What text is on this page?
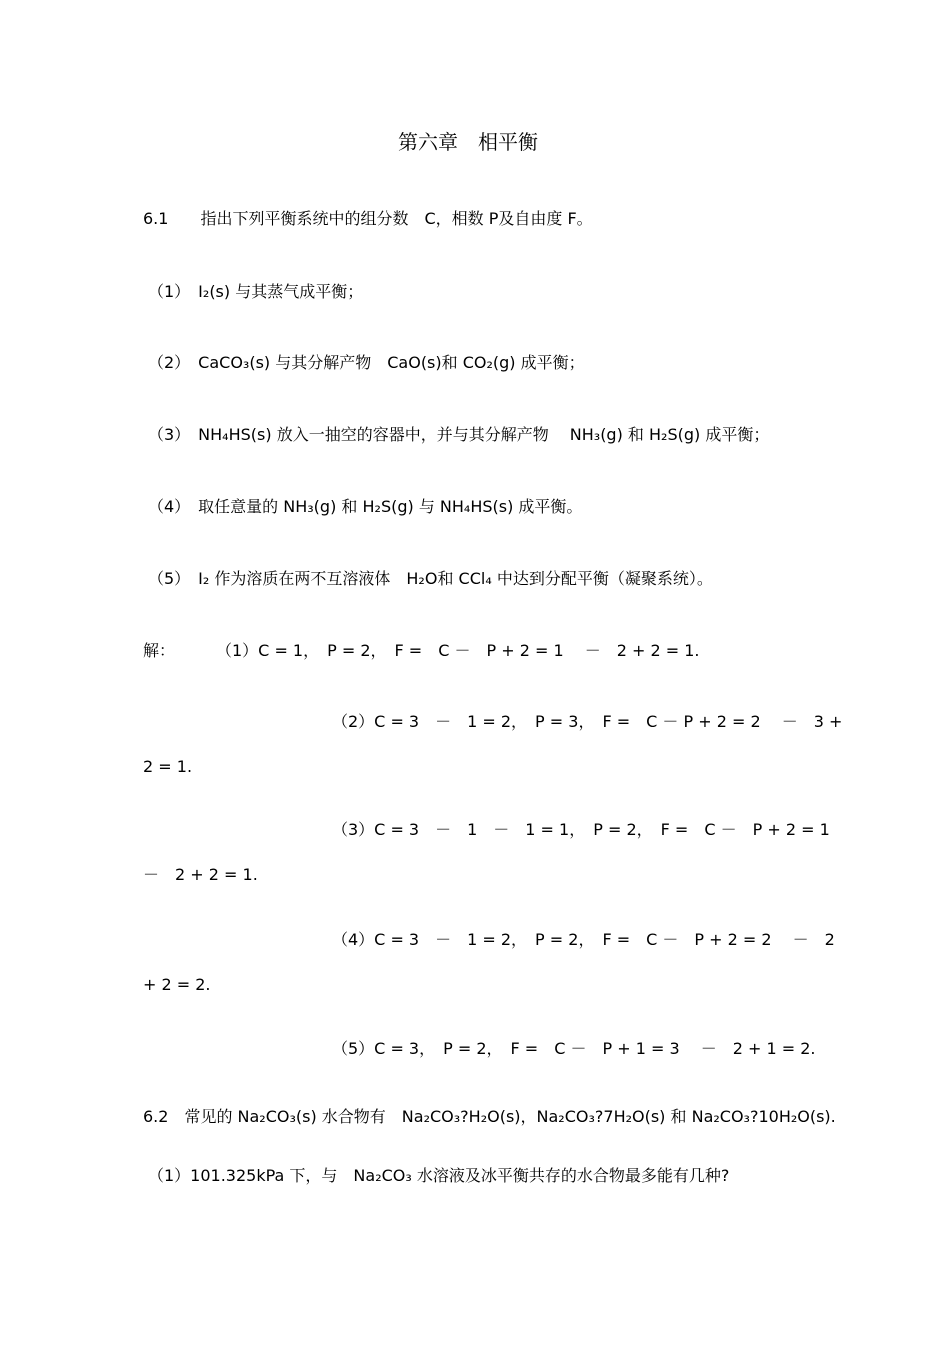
第六章　相平衡
6.1　　指出下列平衡系统中的组分数　C，相数 P及自由度 F。
（1）　I₂(s) 与其蒸气成平衡；
（2）　CaCO₃(s) 与其分解产物　CaO(s)和 CO₂(g) 成平衡；
（3）　NH₄HS(s) 放入一抽空的容器中，并与其分解产物　 NH₃(g) 和 H₂S(g) 成平衡；
（4）　取任意量的 NH₃(g) 和 H₂S(g) 与 NH₄HS(s) 成平衡。
（5）　I₂ 作为溶质在两不互溶液体　H₂O和 CCl₄ 中达到分配平衡（凝聚系统）。
解：	（1）C = 1，　P = 2，　F =　C －　P + 2 = 1　 －　2 + 2 = 1.
（2）C = 3　－　1 = 2，　P = 3，　F =　C － P + 2 = 2　 －　3 +
2 = 1.
（3）C = 3　－　1　－　1 = 1，　P = 2，　F =　C －　P + 2 = 1
－　2 + 2 = 1.
（4）C = 3　－　1 = 2，　P = 2，　F =　C －　P + 2 = 2　 －　2
+ 2 = 2.
（5）C = 3，　P = 2，　F =　C －　P + 1 = 3　 －　2 + 1 = 2.
6.2　常见的 Na₂CO₃(s) 水合物有　Na₂CO₃?H₂O(s)，Na₂CO₃?7H₂O(s) 和 Na₂CO₃?10H₂O(s).
（1）101.325kPa 下，与　Na₂CO₃ 水溶液及冰平衡共存的水合物最多能有几种?
